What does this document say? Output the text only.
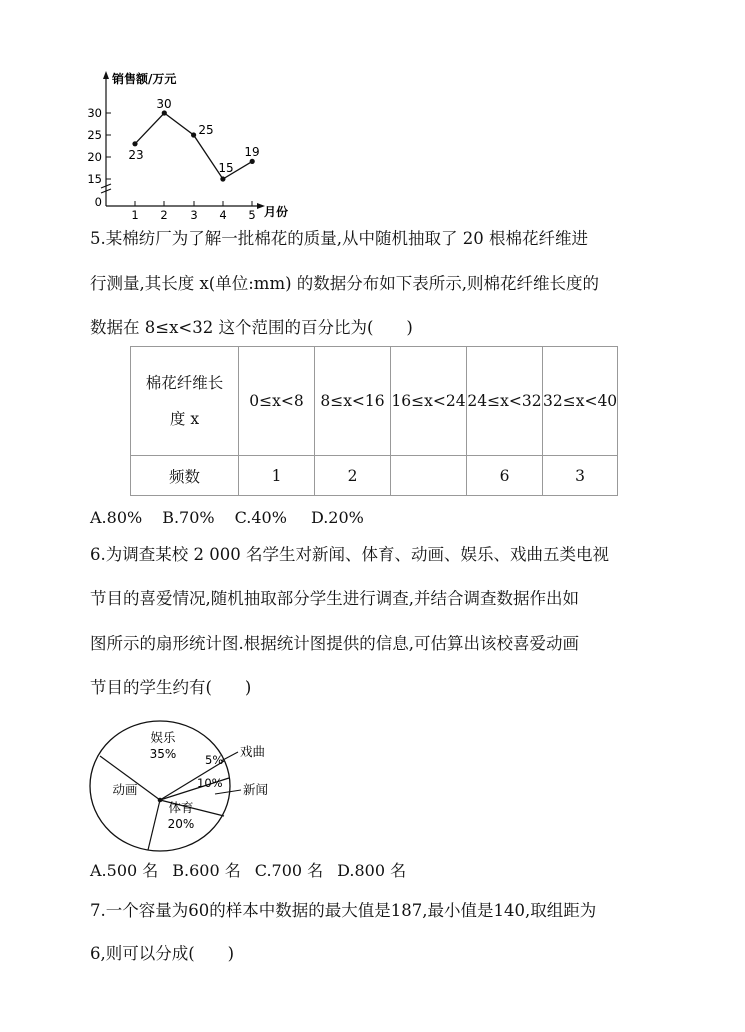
销售额/万元
月份
30
25
20
15
0
1 2 3 4 5
23
30
25
15
19
5.某棉纺厂为了解一批棉花的质量,从中随机抽取了 20 根棉花纤维进
行测量,其长度 x(单位:mm) 的数据分布如下表所示,则棉花纤维长度的
数据在 8≤x<32 这个范围的百分比为(　　)
棉花纤维长
度 x	0≤x<8	8≤x<16	16≤x<24	24≤x<32	32≤x<40
频数	1	2		6	3
A.80% B.70% C.40% D.20%
6.为调查某校 2 000 名学生对新闻、体育、动画、娱乐、戏曲五类电视
节目的喜爱情况,随机抽取部分学生进行调查,并结合调查数据作出如
图所示的扇形统计图.根据统计图提供的信息,可估算出该校喜爱动画
节目的学生约有(　　)
娱乐
35% 5%
戏曲
10% 新闻
动画
体育
20%
A.500 名 B.600 名 C.700 名 D.800 名
7.一个容量为60的样本中数据的最大值是187,最小值是140,取组距为
6,则可以分成(　　)
